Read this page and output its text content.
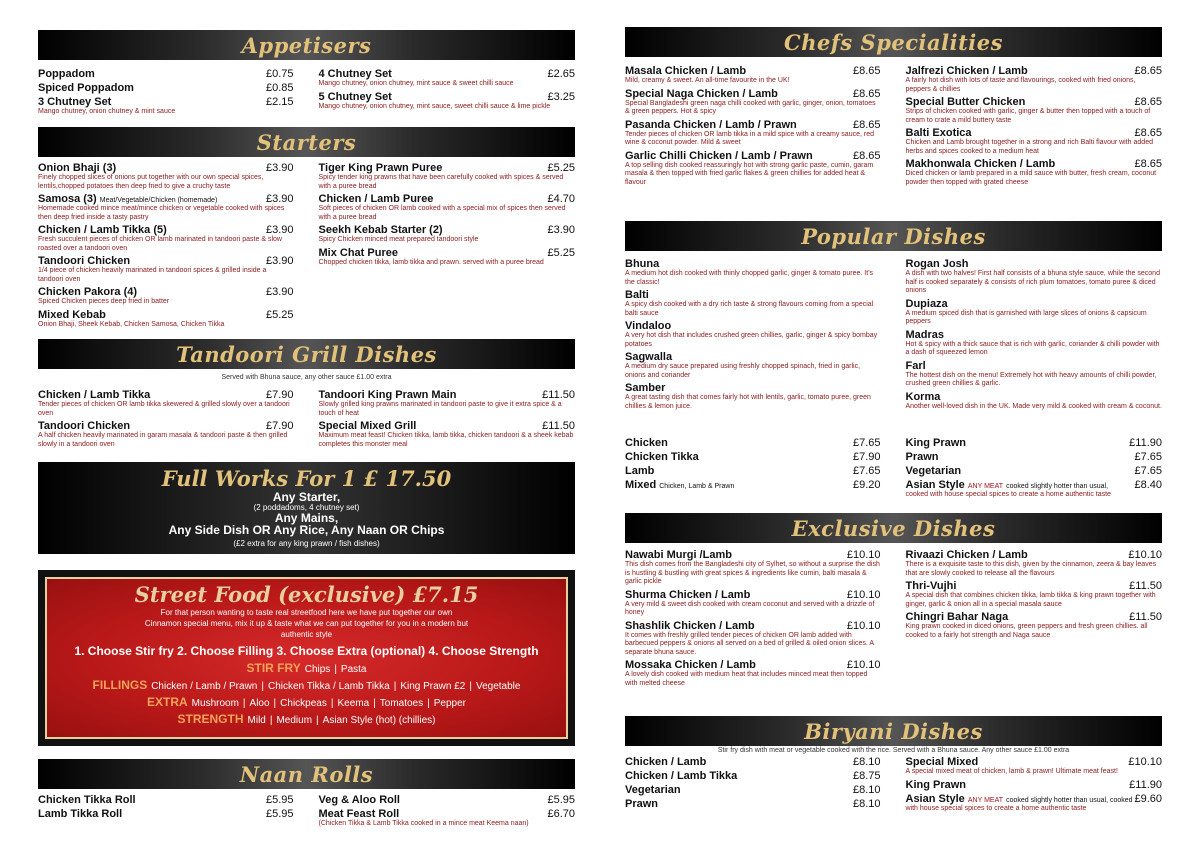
Appetisers
Poppadom	£0.75
Spiced Poppadom	£0.85
3 Chutney Set	£2.15
Mango chutney, onion chutney & mint sauce
4 Chutney Set	£2.65
Mango chutney, onion chutney, mint sauce & sweet chilli sauce
5 Chutney Set	£3.25
Mango chutney, onion chutney, mint sauce, sweet chilli sauce & lime pickle
Starters
Onion Bhaji (3)	£3.90
Finely chopped slices of onions put together with our own special spices, lentils,chopped potatoes then deep fried to give a cruchy taste
Samosa (3) Meat/Vegetable/Chicken (homemade)	£3.90
Homemade cooked mince meat/mince chicken or vegetable cooked with spices then deep fried inside a tasty pastry
Chicken / Lamb Tikka (5)	£3.90
Fresh succulent pieces of chicken OR lamb marinated in tandoori paste & slow roasted over a tandoori oven
Tandoori Chicken	£3.90
1/4 piece of chicken heavily marinated in tandoori spices & grilled inside a tandoori oven
Chicken Pakora (4)	£3.90
Spiced Chicken pieces deep fried in batter
Mixed Kebab	£5.25
Onion Bhaji, Sheek Kebab, Chicken Samosa, Chicken Tikka
Tiger King Prawn Puree	£5.25
Spicy tender king prawns that have been carefully cooked with spices & served with a puree bread
Chicken / Lamb Puree	£4.70
Soft pieces of chicken OR lamb cooked with a special mix of spices then served with a puree bread
Seekh Kebab Starter (2)	£3.90
Spicy Chicken minced meat prepared tandoori style
Mix Chat Puree	£5.25
Chopped chicken tikka, lamb tikka and prawn. served with a puree bread
Tandoori Grill Dishes
Served with Bhuna sauce, any other sauce £1.00 extra
Chicken / Lamb Tikka	£7.90
Tender pieces of chicken OR lamb tikka skewered & grilled slowly over a tandoori oven
Tandoori Chicken	£7.90
A half chicken heavily marinated in garam masala & tandoori paste & then grilled slowly in a tandoori oven
Tandoori King Prawn Main	£11.50
Slowly grilled king prawns marinated in tandoori paste to give it extra spice & a touch of heat
Special Mixed Grill	£11.50
Maximum meat feast! Chicken tikka, lamb tikka, chicken tandoori & a sheek kebab completes this monster meal
Full Works For 1 £ 17.50
Any Starter,
(2 poddadoms, 4 chutney set)
Any Mains,
Any Side Dish OR Any Rice, Any Naan OR Chips
(£2 extra for any king prawn / fish dishes)
Street Food (exclusive) £7.15
For that person wanting to taste real streetfood here we have put together our own Cinnamon special menu, mix it up & taste what we can put together for you in a modern but authentic style
1. Choose Stir fry 2. Choose Filling 3. Choose Extra (optional) 4. Choose Strength
STIR FRY Chips | Pasta
FILLINGS Chicken / Lamb / Prawn | Chicken Tikka / Lamb Tikka | King Prawn £2 | Vegetable
EXTRA Mushroom | Aloo | Chickpeas | Keema | Tomatoes | Pepper
STRENGTH Mild | Medium | Asian Style (hot) (chillies)
Naan Rolls
Chicken Tikka Roll	£5.95
Lamb Tikka Roll	£5.95
Veg & Aloo Roll	£5.95
Meat Feast Roll	£6.70
(Chicken Tikka & Lamb Tikka cooked in a mince meat Keema naan)
Chefs Specialities
Masala Chicken / Lamb	£8.65
Mild, creamy & sweet. An all-time favourite in the UK!
Special Naga Chicken / Lamb	£8.65
Special Bangladeshi green naga chilli cooked with garlic, ginger, onion, tomatoes & green peppers. Hot & spicy
Pasanda Chicken / Lamb / Prawn	£8.65
Tender pieces of chicken OR lamb tikka in a mild spice with a creamy sauce, red wine & coconut powder. Mild & sweet
Garlic Chilli Chicken / Lamb / Prawn	£8.65
A top selling dish cooked reassuringly hot with strong garlic paste, cumin, garam masala & then topped with fried garlic flakes & green chillies for added heat & flavour
Jalfrezi Chicken / Lamb	£8.65
A fairly hot dish with lots of taste and flavourings, cooked with fried onions, peppers & chillies
Special Butter Chicken	£8.65
Strips of chicken cooked with garlic, ginger & butter then topped with a touch of cream to crate a mild buttery taste
Balti Exotica	£8.65
Chicken and Lamb brought together in a strong and rich Balti flavour with added herbs and spices cooked to a medium heat
Makhonwala Chicken / Lamb	£8.65
Diced chicken or lamb prepared in a mild sauce with butter, fresh cream, coconut powder then topped with grated cheese
Popular Dishes
Bhuna
A medium hot dish cooked with thinly chopped garlic, ginger & tomato puree. It's the classic!
Balti
A spicy dish cooked with a dry rich taste & strong flavours coming from a special balti sauce
Vindaloo
A very hot dish that includes crushed green chillies, garlic, ginger & spicy bombay potatoes
Sagwalla
A medium dry sauce prepared using freshly chopped spinach, fried in garlic, onions and coriander
Samber
A great tasting dish that comes fairly hot with lentils, garlic, tomato puree, green chillies & lemon juice.
Rogan Josh
A dish with two halves! First half consists of a bhuna style sauce, while the second half is cooked separately & consists of rich plum tomatoes, tomato puree & diced onions
Dupiaza
A medium spiced dish that is garnished with large slices of onions & capsicum peppers
Madras
Hot & spicy with a thick sauce that is rich with garlic, coriander & chilli powder with a dash of squeezed lemon
Farl
The hottest dish on the menu! Extremely hot with heavy amounts of chilli powder, crushed green chillies & garlic.
Korma
Another well-loved dish in the UK. Made very mild & cooked with cream & coconut.
Chicken	£7.65
Chicken Tikka	£7.90
Lamb	£7.65
Mixed Chicken, Lamb & Prawn	£9.20
King Prawn	£11.90
Prawn	£7.65
Vegetarian	£7.65
Asian Style ANY MEAT cooked slightly hotter than usual, £8.40
cooked with house special spices to create a home authentic taste
Exclusive Dishes
Nawabi Murgi /Lamb	£10.10
This dish comes from the Bangladeshi city of Sylhet, so without a surprise the dish is hustling & bustling with great spices & ingredients like cumin, balti masala & garlic pickle
Shurma Chicken / Lamb	£10.10
A very mild & sweet dish cooked with cream coconut and served with a drizzle of honey
Shashlik Chicken / Lamb	£10.10
It comes with freshly grilled tender pieces of chicken OR lamb added with barbecued peppers & onions all served on a bed of grilled & oiled onion slices. A separate bhuna sauce.
Mossaka Chicken / Lamb	£10.10
A lovely dish cooked with medium heat that includes minced meat then topped with melted cheese
Rivaazi Chicken / Lamb	£10.10
There is a exquisite taste to this dish, given by the cinnamon, zeera & bay leaves that are slowly cooked to release all the flavours
Thri-Vujhi	£11.50
A special dish that combines chicken tikka, lamb tikka & king prawn together with ginger, garlic & onion all in a special masala sauce
Chingri Bahar Naga	£11.50
King prawn cooked in diced onions, green peppers and fresh green chillies. all cooked to a fairly hot strength and Naga sauce
Biryani Dishes
Stir fry dish with meat or vegetable cooked with the rice. Served with a Bhuna sauce. Any other sauce £1.00 extra
Chicken / Lamb	£8.10
Chicken / Lamb Tikka	£8.75
Vegetarian	£8.10
Prawn	£8.10
Special Mixed	£10.10
A special mixed meat of chicken, lamb & prawn! Ultimate meat feast!
King Prawn	£11.90
Asian Style ANY MEAT cooked slightly hotter than usual, cooked £9.60
with house special spices to create a home authentic taste
